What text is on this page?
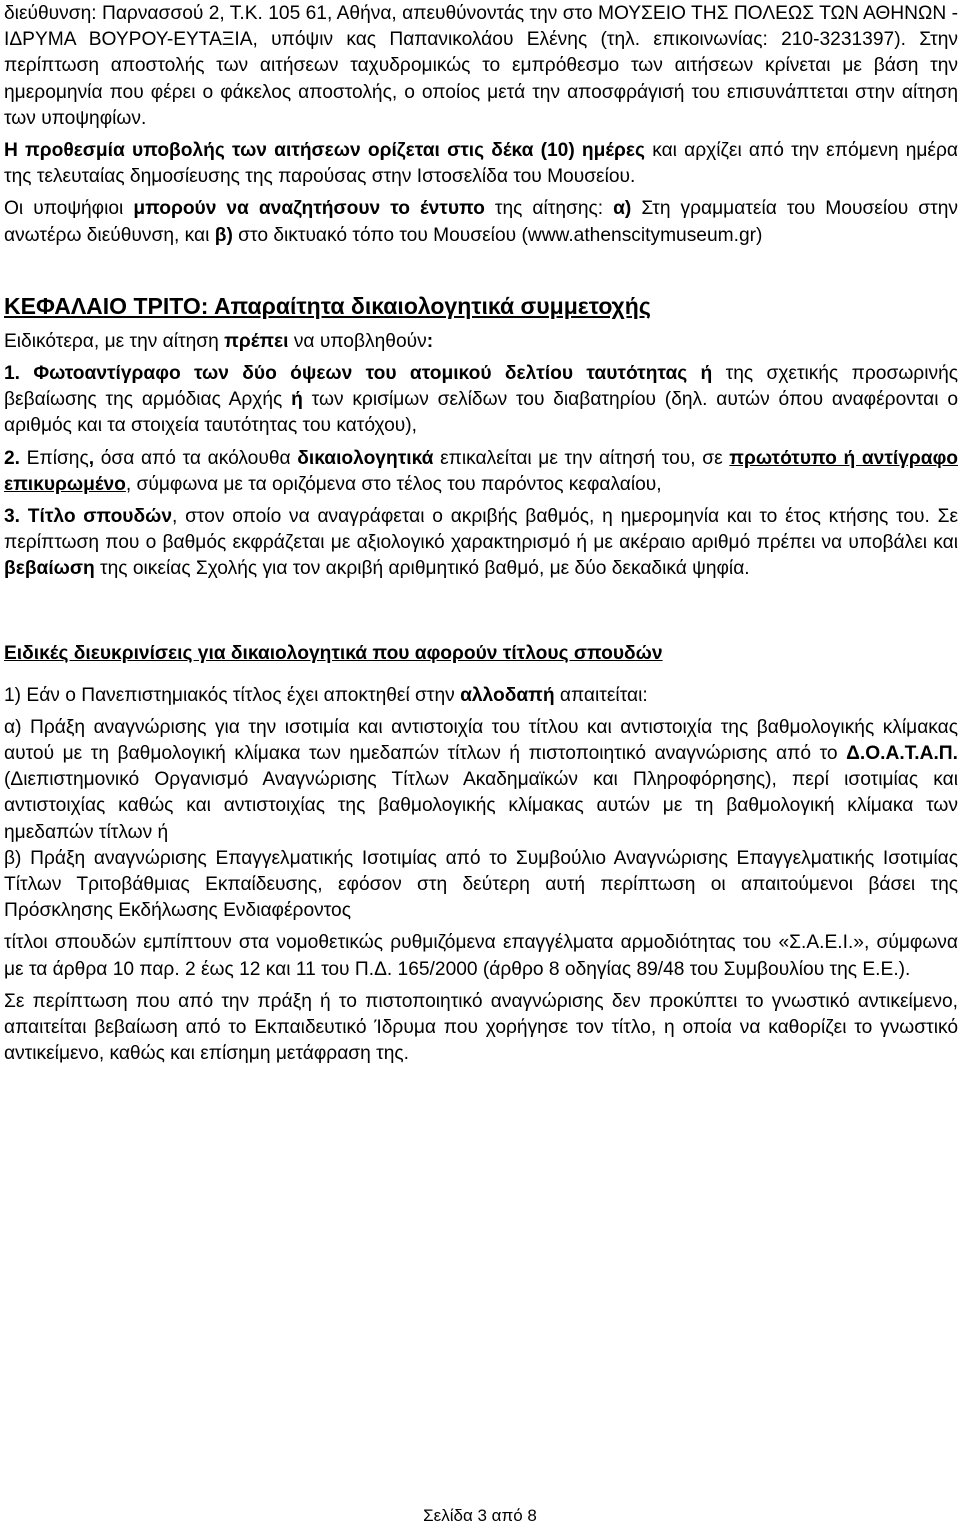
διεύθυνση: Παρνασσού 2, Τ.Κ. 105 61, Αθήνα, απευθύνοντάς την στο ΜΟΥΣΕΙΟ ΤΗΣ ΠΟΛΕΩΣ ΤΩΝ ΑΘΗΝΩΝ - ΙΔΡΥΜΑ ΒΟΥΡΟΥ-ΕΥΤΑΞΙΑ, υπόψιν κας Παπανικολάου Ελένης (τηλ. επικοινωνίας: 210-3231397). Στην περίπτωση αποστολής των αιτήσεων ταχυδρομικώς το εμπρόθεσμο των αιτήσεων κρίνεται με βάση την ημερομηνία που φέρει ο φάκελος αποστολής, ο οποίος μετά την αποσφράγισή του επισυνάπτεται στην αίτηση των υποψηφίων.

Η προθεσμία υποβολής των αιτήσεων ορίζεται στις δέκα (10) ημέρες και αρχίζει από την επόμενη ημέρα της τελευταίας δημοσίευσης της παρούσας στην Ιστοσελίδα του Μουσείου.

Οι υποψήφιοι μπορούν να αναζητήσουν το έντυπο της αίτησης: α) Στη γραμματεία του Μουσείου στην ανωτέρω διεύθυνση, και β) στο δικτυακό τόπο του Μουσείου (www.athenscitymuseum.gr)

ΚΕΦΑΛΑΙΟ ΤΡΙΤΟ: Απαραίτητα δικαιολογητικά συμμετοχής

Ειδικότερα, με την αίτηση πρέπει να υποβληθούν:

1. Φωτοαντίγραφο των δύο όψεων του ατομικού δελτίου ταυτότητας ή της σχετικής προσωρινής βεβαίωσης της αρμόδιας Αρχής ή των κρισίμων σελίδων του διαβατηρίου (δηλ. αυτών όπου αναφέρονται ο αριθμός και τα στοιχεία ταυτότητας του κατόχου),

2. Επίσης, όσα από τα ακόλουθα δικαιολογητικά επικαλείται με την αίτησή του, σε πρωτότυπο ή αντίγραφο επικυρωμένο, σύμφωνα με τα οριζόμενα στο τέλος του παρόντος κεφαλαίου,

3. Τίτλο σπουδών, στον οποίο να αναγράφεται ο ακριβής βαθμός, η ημερομηνία και το έτος κτήσης του. Σε περίπτωση που ο βαθμός εκφράζεται με αξιολογικό χαρακτηρισμό ή με ακέραιο αριθμό πρέπει να υποβάλει και βεβαίωση της οικείας Σχολής για τον ακριβή αριθμητικό βαθμό, με δύο δεκαδικά ψηφία.

Ειδικές διευκρινίσεις για δικαιολογητικά που αφορούν τίτλους σπουδών

1) Εάν ο Πανεπιστημιακός τίτλος έχει αποκτηθεί στην αλλοδαπή απαιτείται:

α) Πράξη αναγνώρισης για την ισοτιμία και αντιστοιχία του τίτλου και αντιστοιχία της βαθμολογικής κλίμακας αυτού με τη βαθμολογική κλίμακα των ημεδαπών τίτλων ή πιστοποιητικό αναγνώρισης από το Δ.Ο.Α.Τ.Α.Π. (Διεπιστημονικό Οργανισμό Αναγνώρισης Τίτλων Ακαδημαϊκών και Πληροφόρησης), περί ισοτιμίας και αντιστοιχίας καθώς και αντιστοιχίας της βαθμολογικής κλίμακας αυτών με τη βαθμολογική κλίμακα των ημεδαπών τίτλων ή

β) Πράξη αναγνώρισης Επαγγελματικής Ισοτιμίας από το Συμβούλιο Αναγνώρισης Επαγγελματικής Ισοτιμίας Τίτλων Τριτοβάθμιας Εκπαίδευσης, εφόσον στη δεύτερη αυτή περίπτωση οι απαιτούμενοι βάσει της Πρόσκλησης Εκδήλωσης Ενδιαφέροντος

τίτλοι σπουδών εμπίπτουν στα νομοθετικώς ρυθμιζόμενα επαγγέλματα αρμοδιότητας του «Σ.Α.Ε.Ι.», σύμφωνα με τα άρθρα 10 παρ. 2 έως 12 και 11 του Π.Δ. 165/2000 (άρθρο 8 οδηγίας 89/48 του Συμβουλίου της Ε.Ε.).

Σε περίπτωση που από την πράξη ή το πιστοποιητικό αναγνώρισης δεν προκύπτει το γνωστικό αντικείμενο, απαιτείται βεβαίωση από το Εκπαιδευτικό Ίδρυμα που χορήγησε τον τίτλο, η οποία να καθορίζει το γνωστικό αντικείμενο, καθώς και επίσημη μετάφραση της.

Σελίδα 3 από 8
